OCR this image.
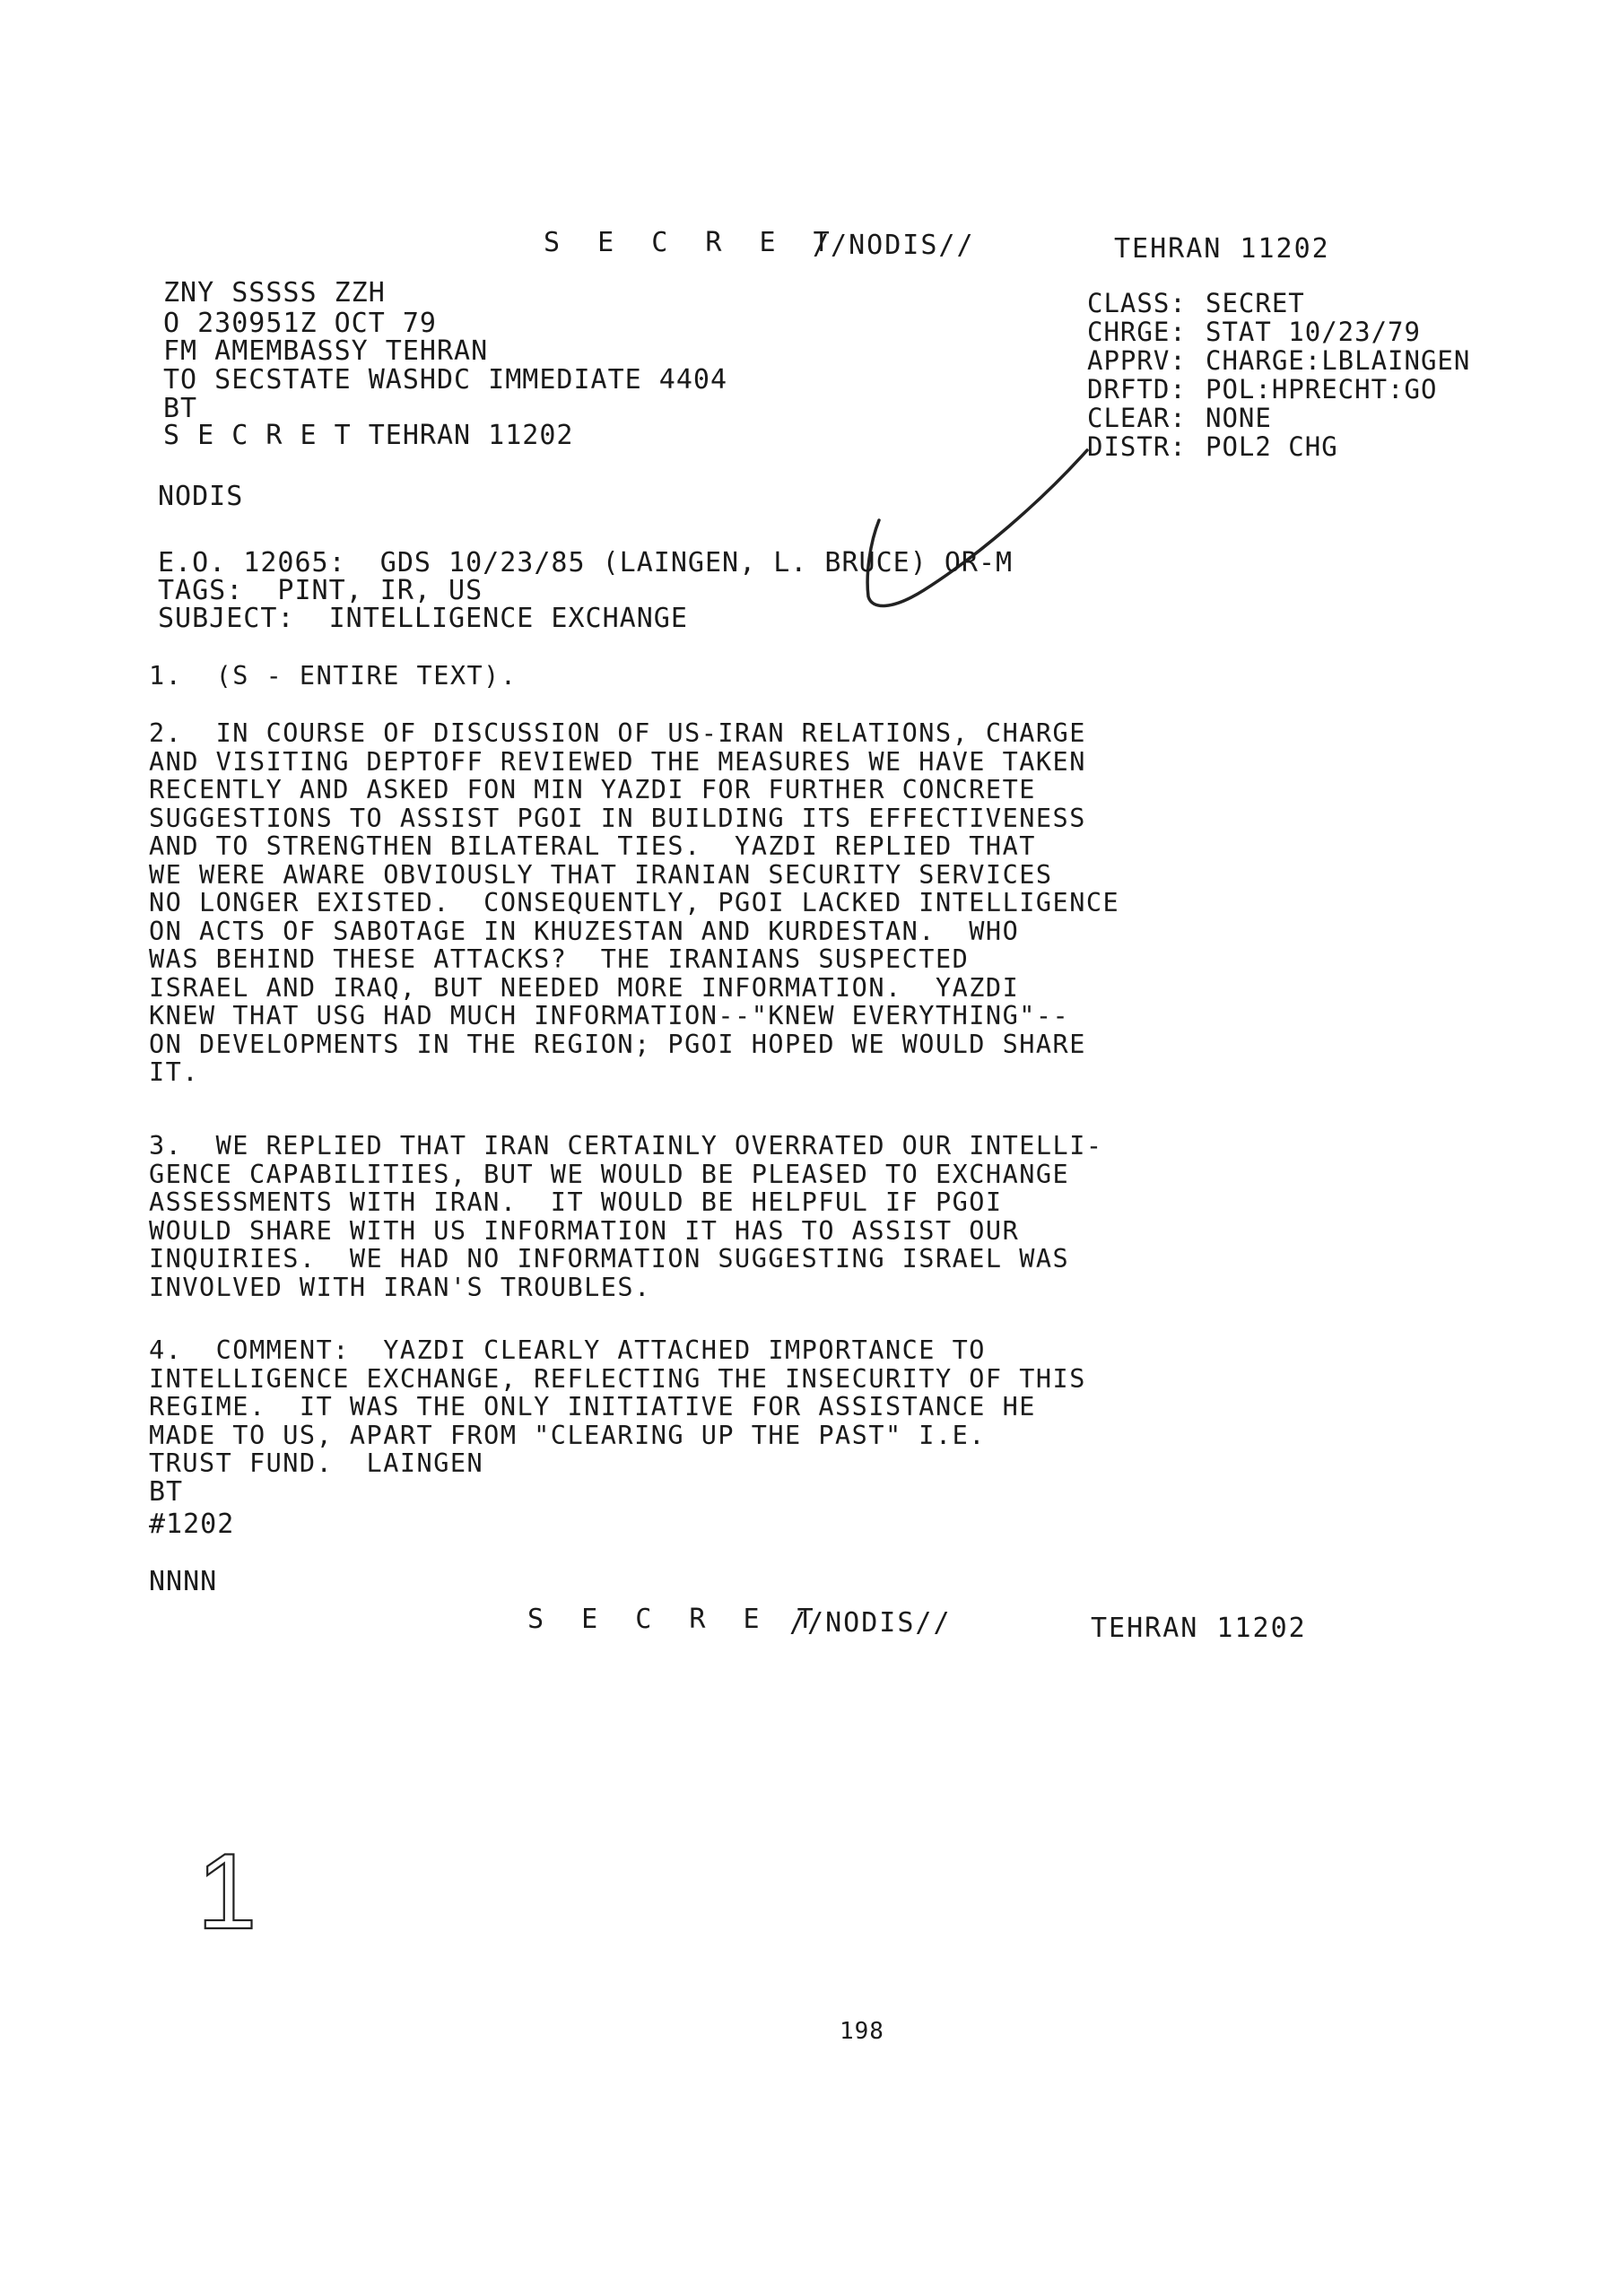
S E C R E T
//NODIS//	TEHRAN 11202
ZNY SSSSS ZZH
O 230951Z OCT 79
FM AMEMBASSY TEHRAN
TO SECSTATE WASHDC IMMEDIATE 4404
BT
S E C R E T TEHRAN 11202
CLASS: SECRET
CHRGE: STAT 10/23/79
APPRV: CHARGE:LBLAINGEN
DRFTD: POL:HPRECHT:GO
CLEAR: NONE
DISTR: POL2 CHG
NODIS
E.O. 12065:  GDS 10/23/85 (LAINGEN, L. BRUCE) OR-M
TAGS:  PINT, IR, US
SUBJECT:  INTELLIGENCE EXCHANGE
1.  (S - ENTIRE TEXT).
2.  IN COURSE OF DISCUSSION OF US-IRAN RELATIONS, CHARGE
AND VISITING DEPTOFF REVIEWED THE MEASURES WE HAVE TAKEN
RECENTLY AND ASKED FON MIN YAZDI FOR FURTHER CONCRETE
SUGGESTIONS TO ASSIST PGOI IN BUILDING ITS EFFECTIVENESS
AND TO STRENGTHEN BILATERAL TIES.  YAZDI REPLIED THAT
WE WERE AWARE OBVIOUSLY THAT IRANIAN SECURITY SERVICES
NO LONGER EXISTED.  CONSEQUENTLY, PGOI LACKED INTELLIGENCE
ON ACTS OF SABOTAGE IN KHUZESTAN AND KURDESTAN.  WHO
WAS BEHIND THESE ATTACKS?  THE IRANIANS SUSPECTED
ISRAEL AND IRAQ, BUT NEEDED MORE INFORMATION.  YAZDI
KNEW THAT USG HAD MUCH INFORMATION--"KNEW EVERYTHING"--
ON DEVELOPMENTS IN THE REGION; PGOI HOPED WE WOULD SHARE
IT.
3.  WE REPLIED THAT IRAN CERTAINLY OVERRATED OUR INTELLI-
GENCE CAPABILITIES, BUT WE WOULD BE PLEASED TO EXCHANGE
ASSESSMENTS WITH IRAN.  IT WOULD BE HELPFUL IF PGOI
WOULD SHARE WITH US INFORMATION IT HAS TO ASSIST OUR
INQUIRIES.  WE HAD NO INFORMATION SUGGESTING ISRAEL WAS
INVOLVED WITH IRAN'S TROUBLES.
4.  COMMENT:  YAZDI CLEARLY ATTACHED IMPORTANCE TO
INTELLIGENCE EXCHANGE, REFLECTING THE INSECURITY OF THIS
REGIME.  IT WAS THE ONLY INITIATIVE FOR ASSISTANCE HE
MADE TO US, APART FROM "CLEARING UP THE PAST" I.E.
TRUST FUND.  LAINGEN
BT
#1202
NNNN
S E C R E T
//NODIS//	TEHRAN 11202
1
198
